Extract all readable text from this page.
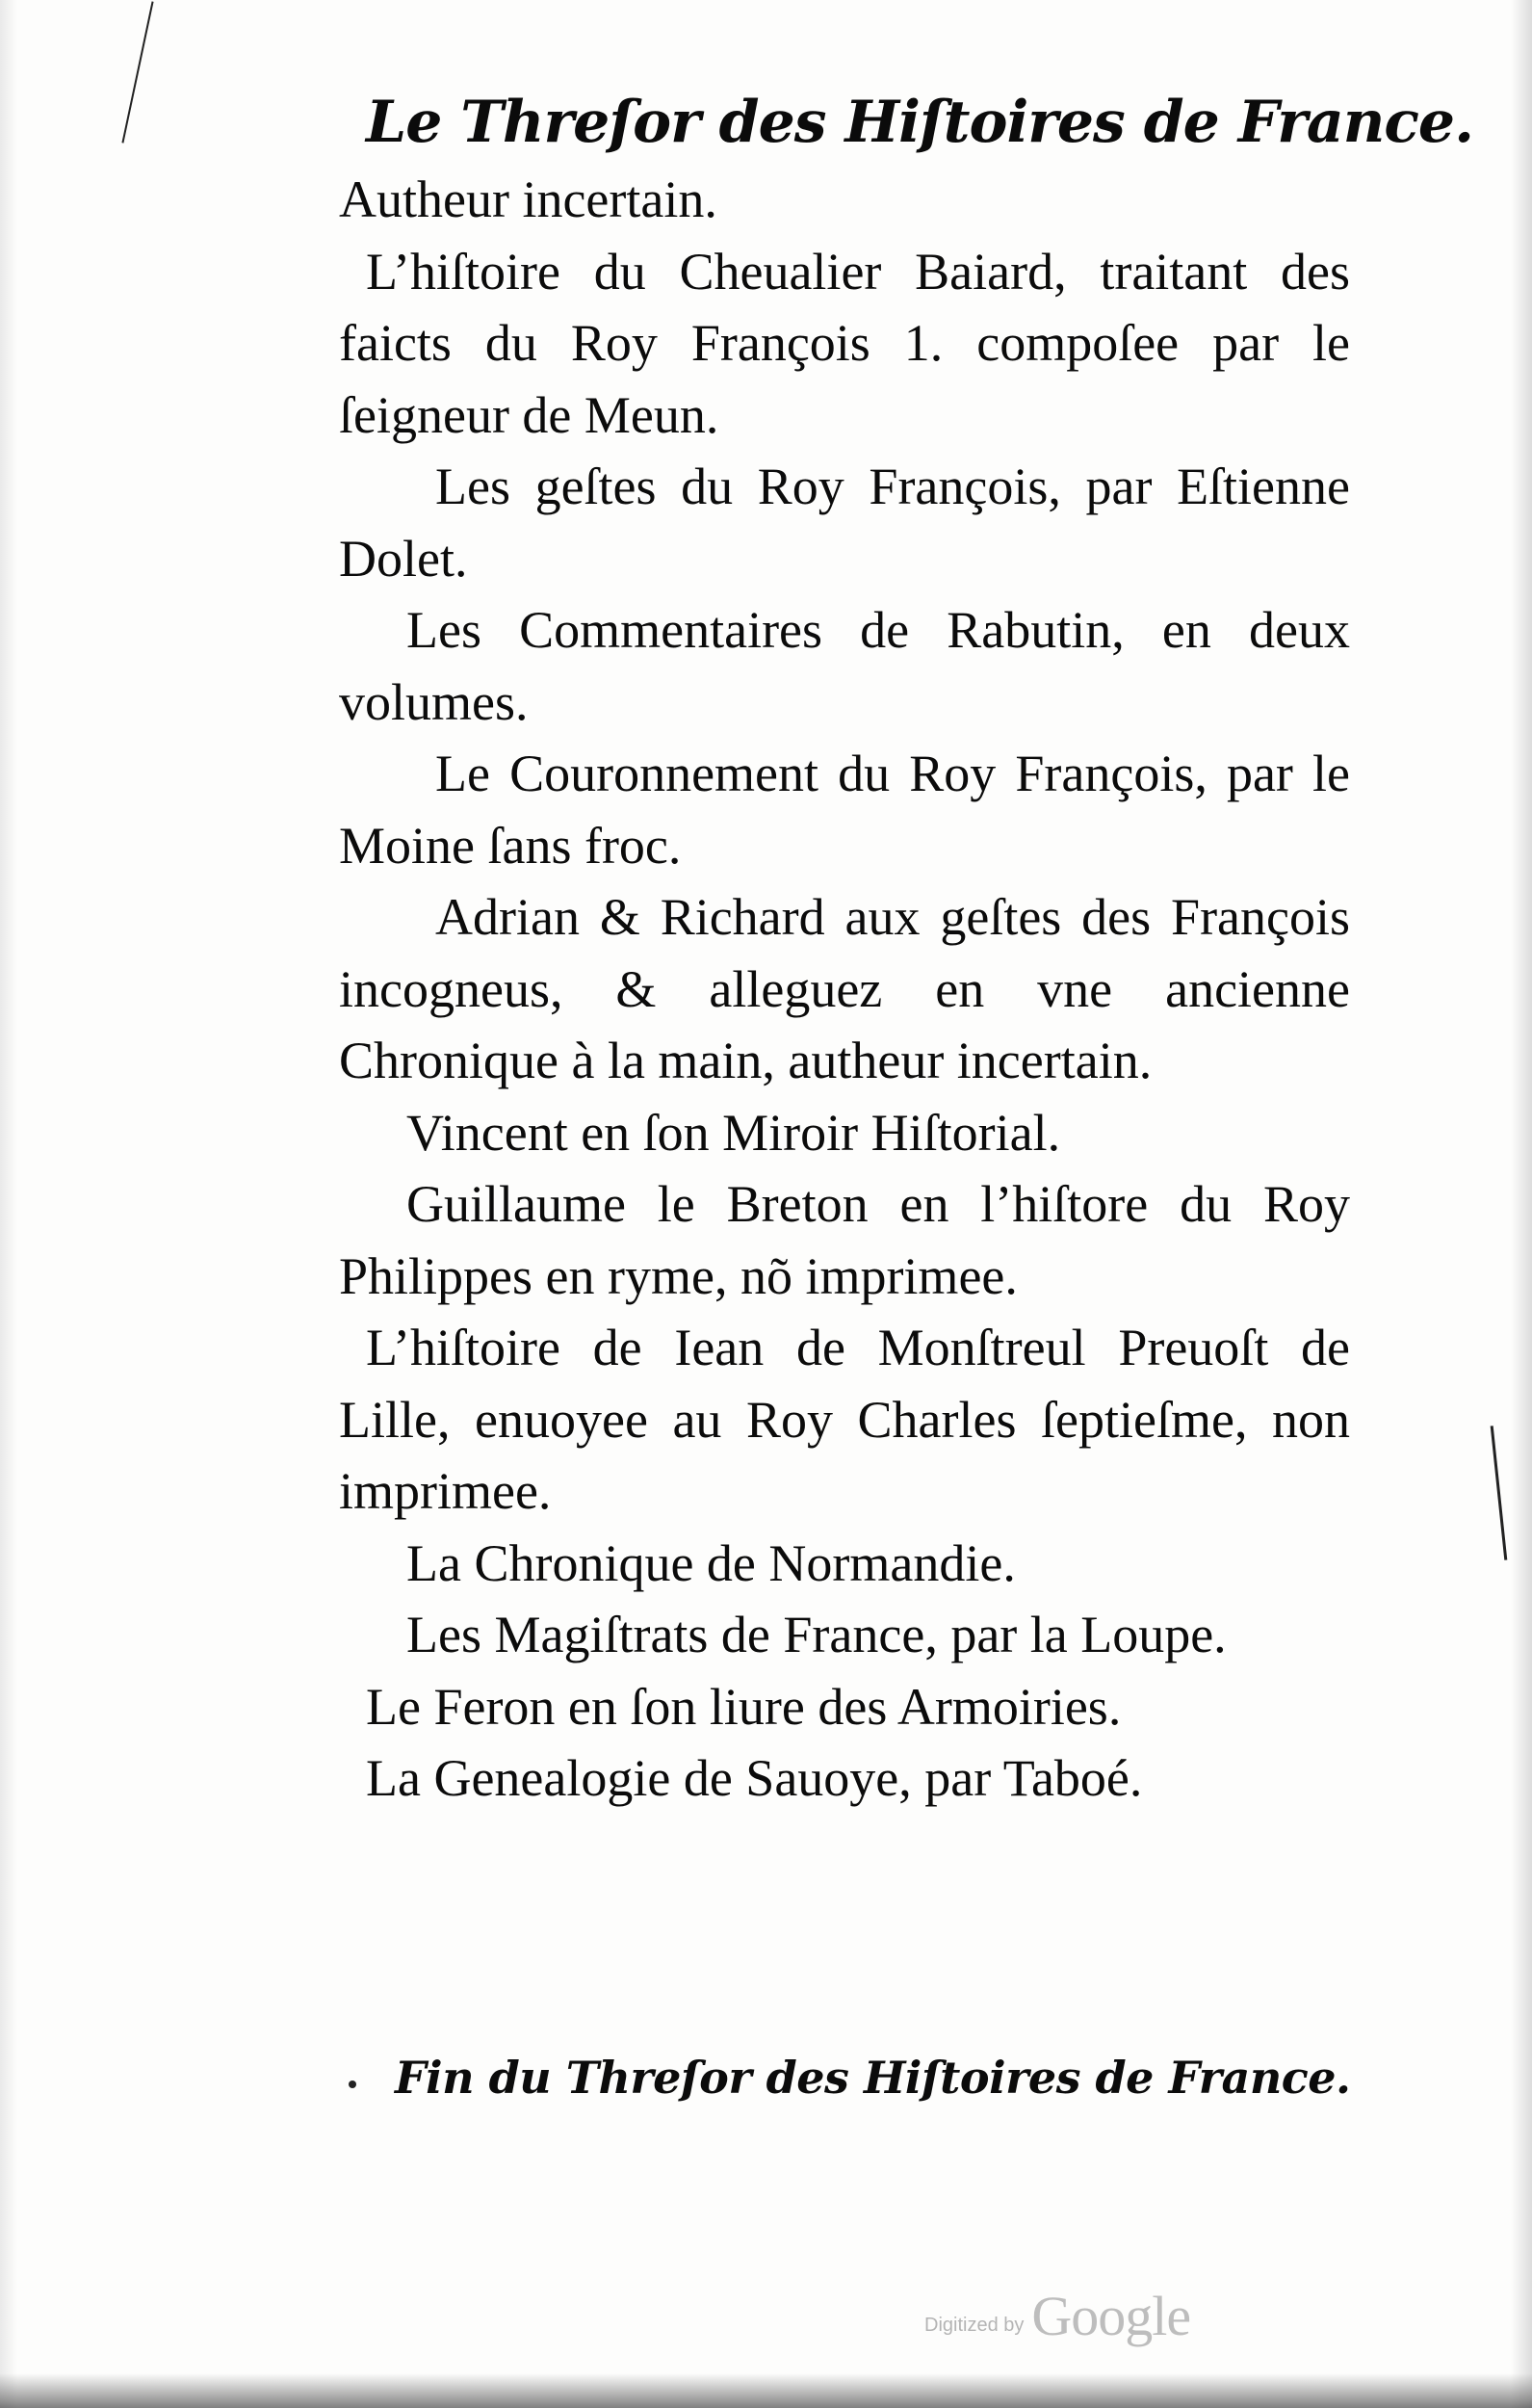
Le Threſor des Hiſtoires de France.

Autheur incertain.

L’hiſtoire du Cheualier Baiard, traitant des faicts du Roy François 1. compoſee par le ſeigneur de Meun.

Les geſtes du Roy François, par Eſtienne Dolet.

Les Commentaires de Rabutin, en deux volumes.

Le Couronnement du Roy François, par le Moine ſans froc.

Adrian & Richard aux geſtes des François incogneus, & alleguez en vne ancienne Chronique à la main, autheur incertain.

Vincent en ſon Miroir Hiſtorial.

Guillaume le Breton en l’hiſtore du Roy Philippes en ryme, nõ imprimee.

L’hiſtoire de Iean de Monſtreul Preuoſt de Lille, enuoyee au Roy Charles ſeptieſme, non imprimee.

La Chronique de Normandie.

Les Magiſtrats de France, par la Loupe.

Le Feron en ſon liure des Armoiries.

La Genealogie de Sauoye, par Taboé.

Fin du Threſor des Hiſtoires de France.
Digitized by Google
